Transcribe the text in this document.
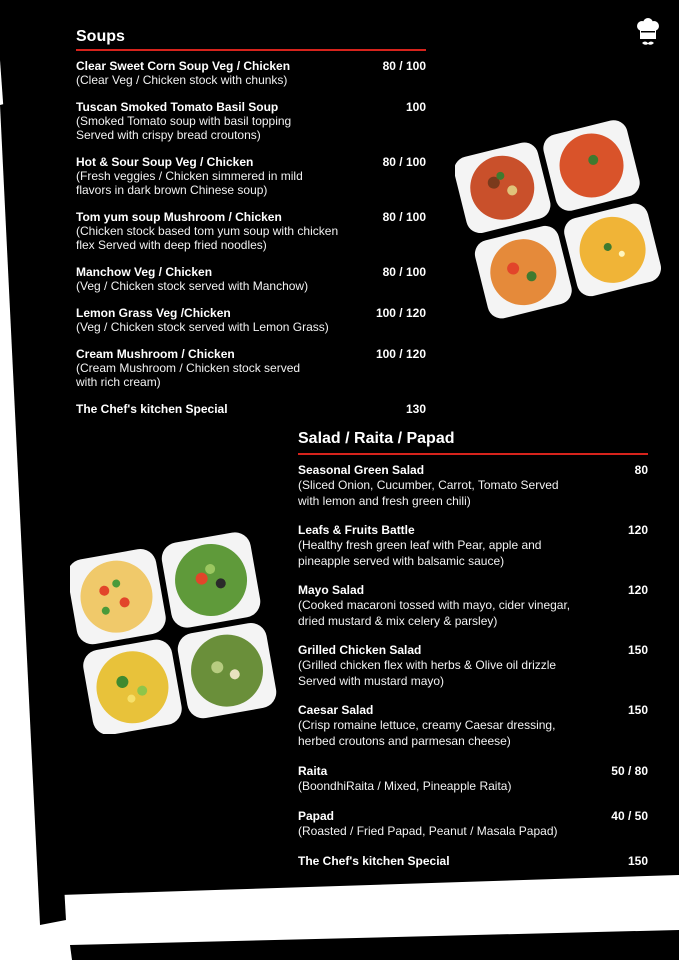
Soups
Clear Sweet Corn Soup Veg / Chicken
(Clear Veg / Chicken stock with chunks)
80 / 100
Tuscan Smoked Tomato Basil Soup
(Smoked Tomato soup with basil topping
Served with crispy bread croutons)
100
Hot & Sour Soup Veg / Chicken
(Fresh veggies / Chicken simmered in mild
flavors in dark brown Chinese soup)
80 / 100
Tom yum soup Mushroom / Chicken
(Chicken stock based tom yum soup with chicken
flex Served with deep fried noodles)
80 / 100
Manchow Veg / Chicken
(Veg / Chicken stock served with Manchow)
80 / 100
Lemon Grass Veg /Chicken
(Veg / Chicken stock served with Lemon Grass)
100 / 120
Cream Mushroom / Chicken
(Cream Mushroom / Chicken stock served
with rich cream)
100 / 120
The Chef's kitchen Special	130
Salad / Raita / Papad
Seasonal Green Salad
(Sliced Onion, Cucumber, Carrot, Tomato Served
with lemon and fresh green chili)
80
Leafs & Fruits Battle
(Healthy fresh green leaf with Pear, apple and
pineapple served with balsamic sauce)
120
Mayo Salad
(Cooked macaroni tossed with mayo, cider vinegar,
dried mustard & mix celery & parsley)
120
Grilled Chicken Salad
(Grilled chicken flex with herbs & Olive oil drizzle
Served with mustard mayo)
150
Caesar Salad
(Crisp romaine lettuce, creamy Caesar dressing,
herbed croutons and parmesan cheese)
150
Raita
(BoondhiRaita / Mixed, Pineapple Raita)
50 / 80
Papad
(Roasted / Fried Papad, Peanut / Masala Papad)
40 / 50
The Chef's kitchen Special	150
